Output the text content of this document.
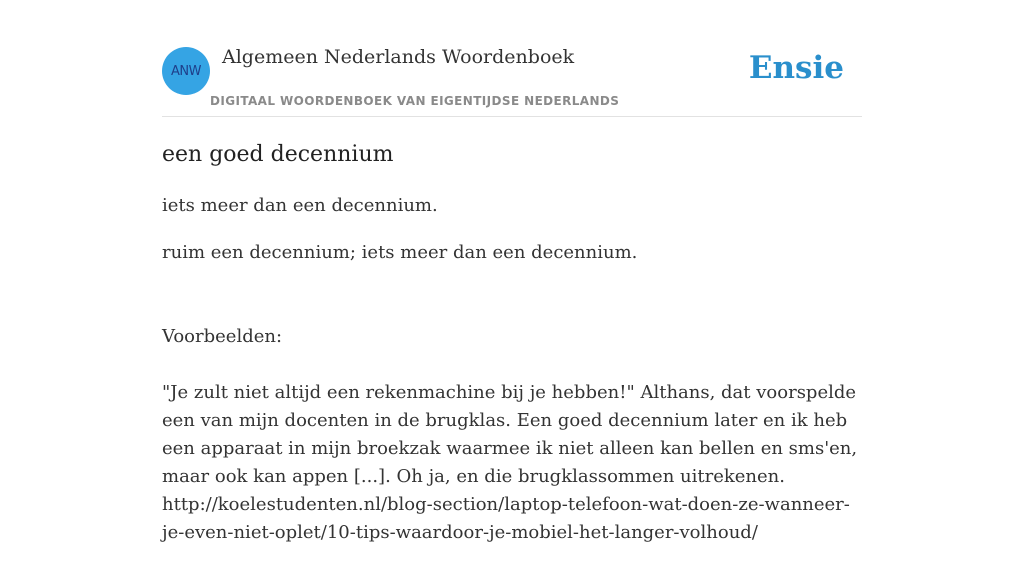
ANW
Algemeen Nederlands Woordenboek
DIGITAAL WOORDENBOEK VAN EIGENTIJDSE NEDERLANDS
Ensie
een goed decennium

iets meer dan een decennium.

ruim een decennium; iets meer dan een decennium.

Voorbeelden:

"Je zult niet altijd een rekenmachine bij je hebben!" Althans, dat voorspelde een van mijn docenten in de brugklas. Een goed decennium later en ik heb een apparaat in mijn broekzak waarmee ik niet alleen kan bellen en sms'en, maar ook kan appen [...]. Oh ja, en die brugklassommen uitrekenen. http://koelestudenten.nl/blog-section/laptop-telefoon-wat-doen-ze-wanneer-je-even-niet-oplet/10-tips-waardoor-je-mobiel-het-langer-volhoud/
